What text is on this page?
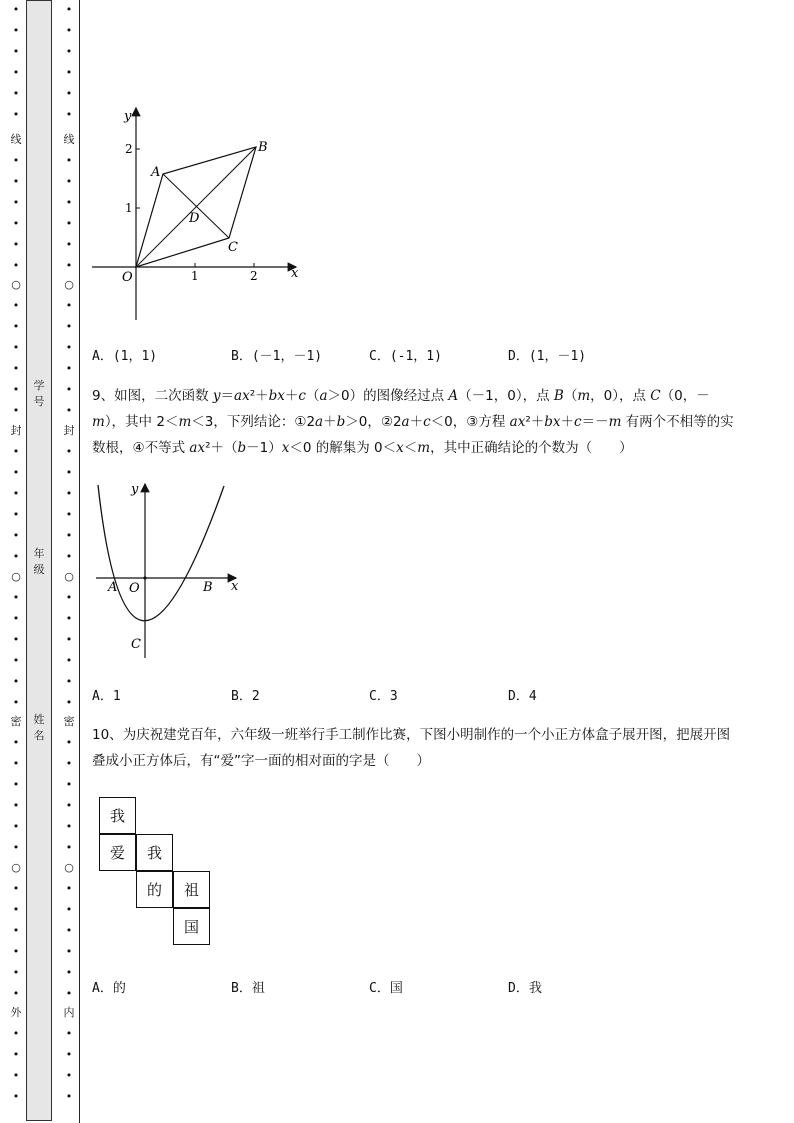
•
•
•
•
•
•
线
•
•
•
•
•
•
○
•
•
•
•
•
•
封
•
•
•
•
•
•
○
•
•
•
•
•
•
密
•
•
•
•
•
•
○
•
•
•
•
•
•
外
•
•
•
•
学号
年级
姓名
•
•
•
•
•
•
线
•
•
•
•
•
•
○
•
•
•
•
•
•
封
•
•
•
•
•
•
○
•
•
•
•
•
•
密
•
•
•
•
•
•
○
•
•
•
•
•
•
内
•
•
•
•
y
x
O
2
1
1	2
A
B
C
D
A．(1，1)	B．(－1，－1)	C．(-1，1)	D．(1，－1)
9、如图，二次函数 y＝ax²＋bx＋c（a＞0）的图像经过点 A（－1，0），点 B（m，0），点 C（0，－m），其中 2＜m＜3，下列结论：①2a＋b＞0，②2a＋c＜0，③方程 ax²＋bx＋c＝－m 有两个不相等的实数根，④不等式 ax²＋（b－1）x＜0 的解集为 0＜x＜m，其中正确结论的个数为（　　）
y
x
A O	B
C
A．1	B．2	C．3	D．4
10、为庆祝建党百年，六年级一班举行手工制作比赛，下图小明制作的一个小正方体盒子展开图，把展开图叠成小正方体后，有“爱”字一面的相对面的字是（　　）
我
爱	我
的	祖
国
A．的	B．祖	C．国	D．我
